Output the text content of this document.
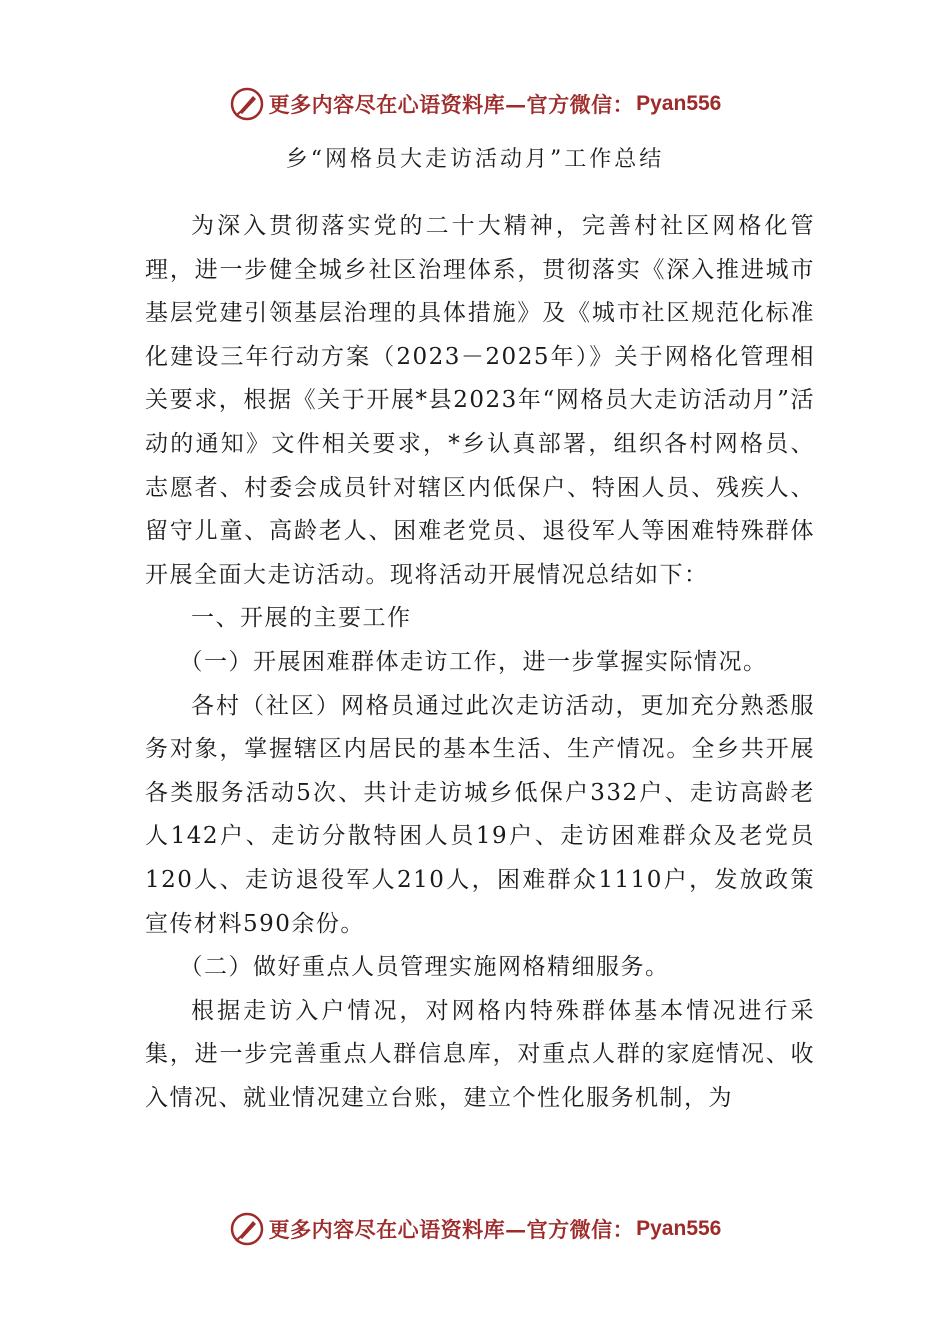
更多内容尽在心语资料库—官方微信： Pyan556
乡“网格员大走访活动月”工作总结

为深入贯彻落实党的二十大精神，完善村社区网格化管理，进一步健全城乡社区治理体系，贯彻落实《深入推进城市基层党建引领基层治理的具体措施》及《城市社区规范化标准化建设三年行动方案（2023－2025年）》关于网格化管理相关要求，根据《关于开展*县2023年“网格员大走访活动月”活动的通知》文件相关要求，*乡认真部署，组织各村网格员、志愿者、村委会成员针对辖区内低保户、特困人员、残疾人、留守儿童、高龄老人、困难老党员、退役军人等困难特殊群体开展全面大走访活动。现将活动开展情况总结如下：

一、开展的主要工作

（一）开展困难群体走访工作，进一步掌握实际情况。

各村（社区）网格员通过此次走访活动，更加充分熟悉服务对象，掌握辖区内居民的基本生活、生产情况。全乡共开展各类服务活动5次、共计走访城乡低保户332户、走访高龄老人142户、走访分散特困人员19户、走访困难群众及老党员120人、走访退役军人210人，困难群众1110户，发放政策宣传材料590余份。

（二）做好重点人员管理实施网格精细服务。

根据走访入户情况，对网格内特殊群体基本情况进行采集，进一步完善重点人群信息库，对重点人群的家庭情况、收入情况、就业情况建立台账，建立个性化服务机制，为

更多内容尽在心语资料库—官方微信： Pyan556
